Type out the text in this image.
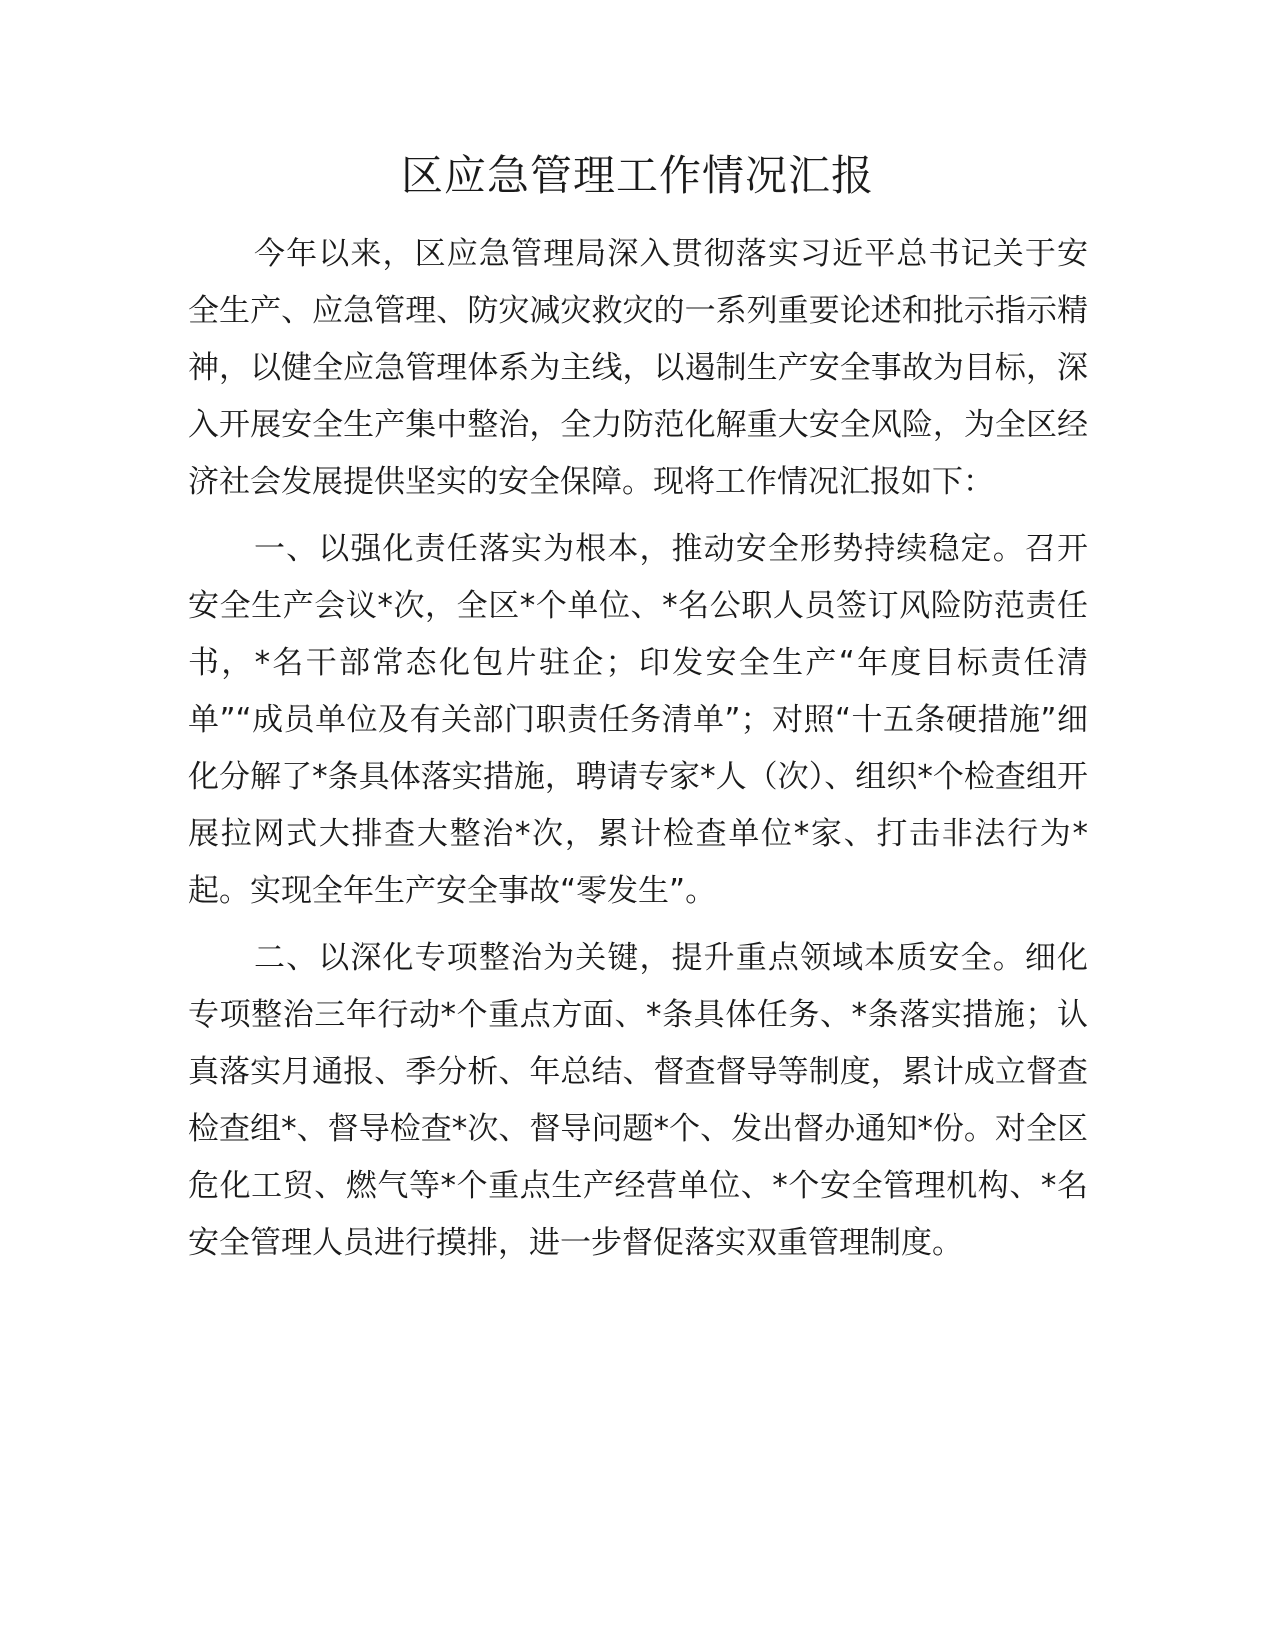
区应急管理工作情况汇报

今年以来，区应急管理局深入贯彻落实习近平总书记关于安全生产、应急管理、防灾减灾救灾的一系列重要论述和批示指示精神，以健全应急管理体系为主线，以遏制生产安全事故为目标，深入开展安全生产集中整治，全力防范化解重大安全风险，为全区经济社会发展提供坚实的安全保障。现将工作情况汇报如下：

一、以强化责任落实为根本，推动安全形势持续稳定。召开安全生产会议*次，全区*个单位、*名公职人员签订风险防范责任书，*名干部常态化包片驻企；印发安全生产“年度目标责任清单”“成员单位及有关部门职责任务清单”；对照“十五条硬措施”细化分解了*条具体落实措施，聘请专家*人（次）、组织*个检查组开展拉网式大排查大整治*次，累计检查单位*家、打击非法行为*起。实现全年生产安全事故“零发生”。

二、以深化专项整治为关键，提升重点领域本质安全。细化专项整治三年行动*个重点方面、*条具体任务、*条落实措施；认真落实月通报、季分析、年总结、督查督导等制度，累计成立督查检查组*、督导检查*次、督导问题*个、发出督办通知*份。对全区危化工贸、燃气等*个重点生产经营单位、*个安全管理机构、*名安全管理人员进行摸排，进一步督促落实双重管理制度。
